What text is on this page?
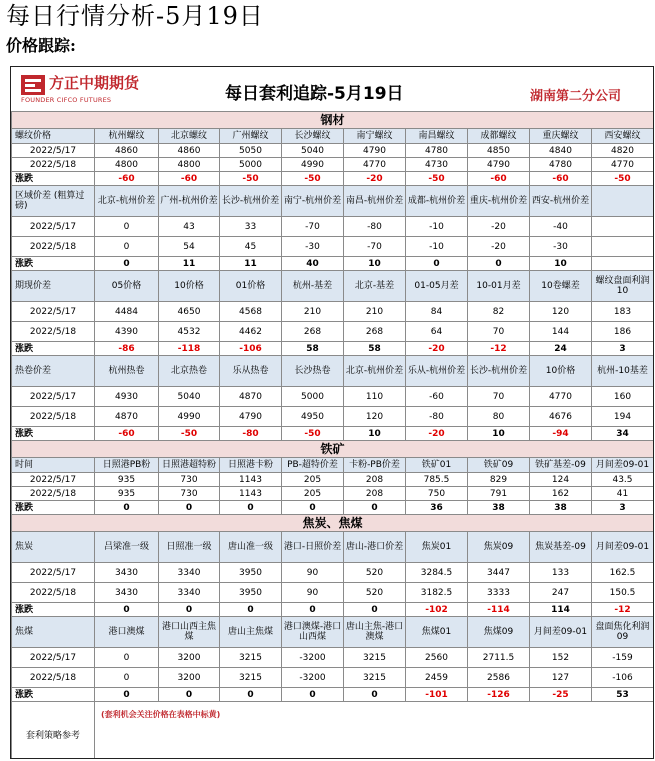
每日行情分析-5月19日
价格跟踪:
方正中期期货
FOUNDER CIFCO FUTURES	每日套利追踪-5月19日	湖南第二分公司
钢材									
螺纹价格	杭州螺纹	北京螺纹	广州螺纹	长沙螺纹	南宁螺纹	南昌螺纹	成都螺纹	重庆螺纹	西安螺纹
2022/5/17	4860	4860	5050	5040	4790	4780	4850	4840	4820
2022/5/18	4800	4800	5000	4990	4770	4730	4790	4780	4770
涨跌	-60	-60	-50	-50	-20	-50	-60	-60	-50
区域价差 (粗算过磅)	北京-杭州价差	广州-杭州价差	长沙-杭州价差	南宁-杭州价差	南昌-杭州价差	成都-杭州价差	重庆-杭州价差	西安-杭州价差	
2022/5/17	0	43	33	-70	-80	-10	-20	-40	
2022/5/18	0	54	45	-30	-70	-10	-20	-30	
涨跌	0	11	11	40	10	0	0	10	
期现价差	05价格	10价格	01价格	杭州-基差	北京-基差	01-05月差	10-01月差	10卷螺差	螺纹盘面利润10
2022/5/17	4484	4650	4568	210	210	84	82	120	183
2022/5/18	4390	4532	4462	268	268	64	70	144	186
涨跌	-86	-118	-106	58	58	-20	-12	24	3
热卷价差	杭州热卷	北京热卷	乐从热卷	长沙热卷	北京-杭州价差	乐从-杭州价差	长沙-杭州价差	10价格	杭州-10基差
2022/5/17	4930	5040	4870	5000	110	-60	70	4770	160
2022/5/18	4870	4990	4790	4950	120	-80	80	4676	194
涨跌	-60	-50	-80	-50	10	-20	10	-94	34
铁矿									
时间	日照港PB粉	日照港超特粉	日照港卡粉	PB-超特价差	卡粉-PB价差	铁矿01	铁矿09	铁矿基差-09	月间差09-01
2022/5/17	935	730	1143	205	208	785.5	829	124	43.5
2022/5/18	935	730	1143	205	208	750	791	162	41
涨跌	0	0	0	0	0	36	38	38	3
焦炭、焦煤									
焦炭	吕梁准一级	日照准一级	唐山准一级	港口-日照价差	唐山-港口价差	焦炭01	焦炭09	焦炭基差-09	月间差09-01
2022/5/17	3430	3340	3950	90	520	3284.5	3447	133	162.5
2022/5/18	3430	3340	3950	90	520	3182.5	3333	247	150.5
涨跌	0	0	0	0	0	-102	-114	114	-12
焦煤	港口澳煤	港口山西主焦煤	唐山主焦煤	港口澳煤-港口山西煤	唐山主焦-港口澳煤	焦煤01	焦煤09	月间差09-01	盘面焦化利润09
2022/5/17	0	3200	3215	-3200	3215	2560	2711.5	152	-159
2022/5/18	0	3200	3215	-3200	3215	2459	2586	127	-106
涨跌	0	0	0	0	0	-101	-126	-25	53
套利策略参考	(套利机会关注价格在表格中标黄)								
